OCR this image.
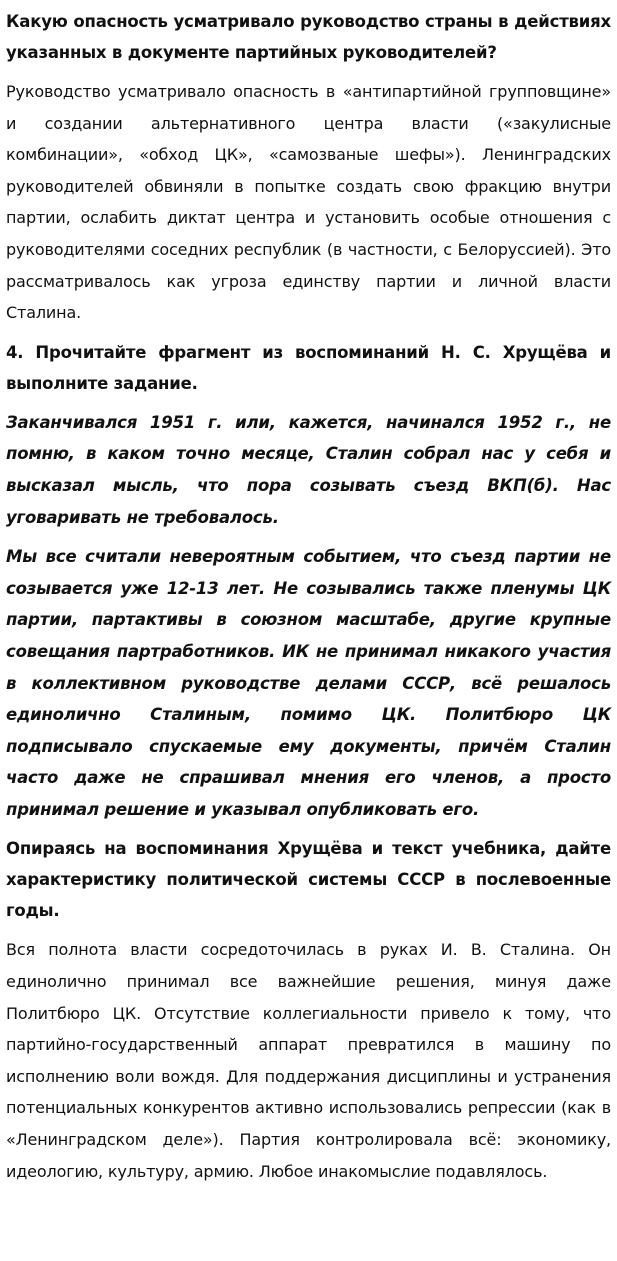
Какую опасность усматривало руководство страны в действиях указанных в документе партийных руководителей?

Руководство усматривало опасность в «антипартийной групповщине» и создании альтернативного центра власти («закулисные комбинации», «обход ЦК», «самозваные шефы»). Ленинградских руководителей обвиняли в попытке создать свою фракцию внутри партии, ослабить диктат центра и установить особые отношения с руководителями соседних республик (в частности, с Белоруссией). Это рассматривалось как угроза единству партии и личной власти Сталина.

4. Прочитайте фрагмент из воспоминаний Н. С. Хрущёва и выполните задание.

Заканчивался 1951 г. или, кажется, начинался 1952 г., не помню, в каком точно месяце, Сталин собрал нас у себя и высказал мысль, что пора созывать съезд ВКП(б). Нас уговаривать не требовалось.

Мы все считали невероятным событием, что съезд партии не созывается уже 12-13 лет. Не созывались также пленумы ЦК партии, партактивы в союзном масштабе, другие крупные совещания партработников. ИК не принимал никакого участия в коллективном руководстве делами СССР, всё решалось единолично Сталиным, помимо ЦК. Политбюро ЦК подписывало спускаемые ему документы, причём Сталин часто даже не спрашивал мнения его членов, а просто принимал решение и указывал опубликовать его.

Опираясь на воспоминания Хрущёва и текст учебника, дайте характеристику политической системы СССР в послевоенные годы.

Вся полнота власти сосредоточилась в руках И. В. Сталина. Он единолично принимал все важнейшие решения, минуя даже Политбюро ЦК. Отсутствие коллегиальности привело к тому, что партийно-государственный аппарат превратился в машину по исполнению воли вождя. Для поддержания дисциплины и устранения потенциальных конкурентов активно использовались репрессии (как в «Ленинградском деле»). Партия контролировала всё: экономику, идеологию, культуру, армию. Любое инакомыслие подавлялось.
